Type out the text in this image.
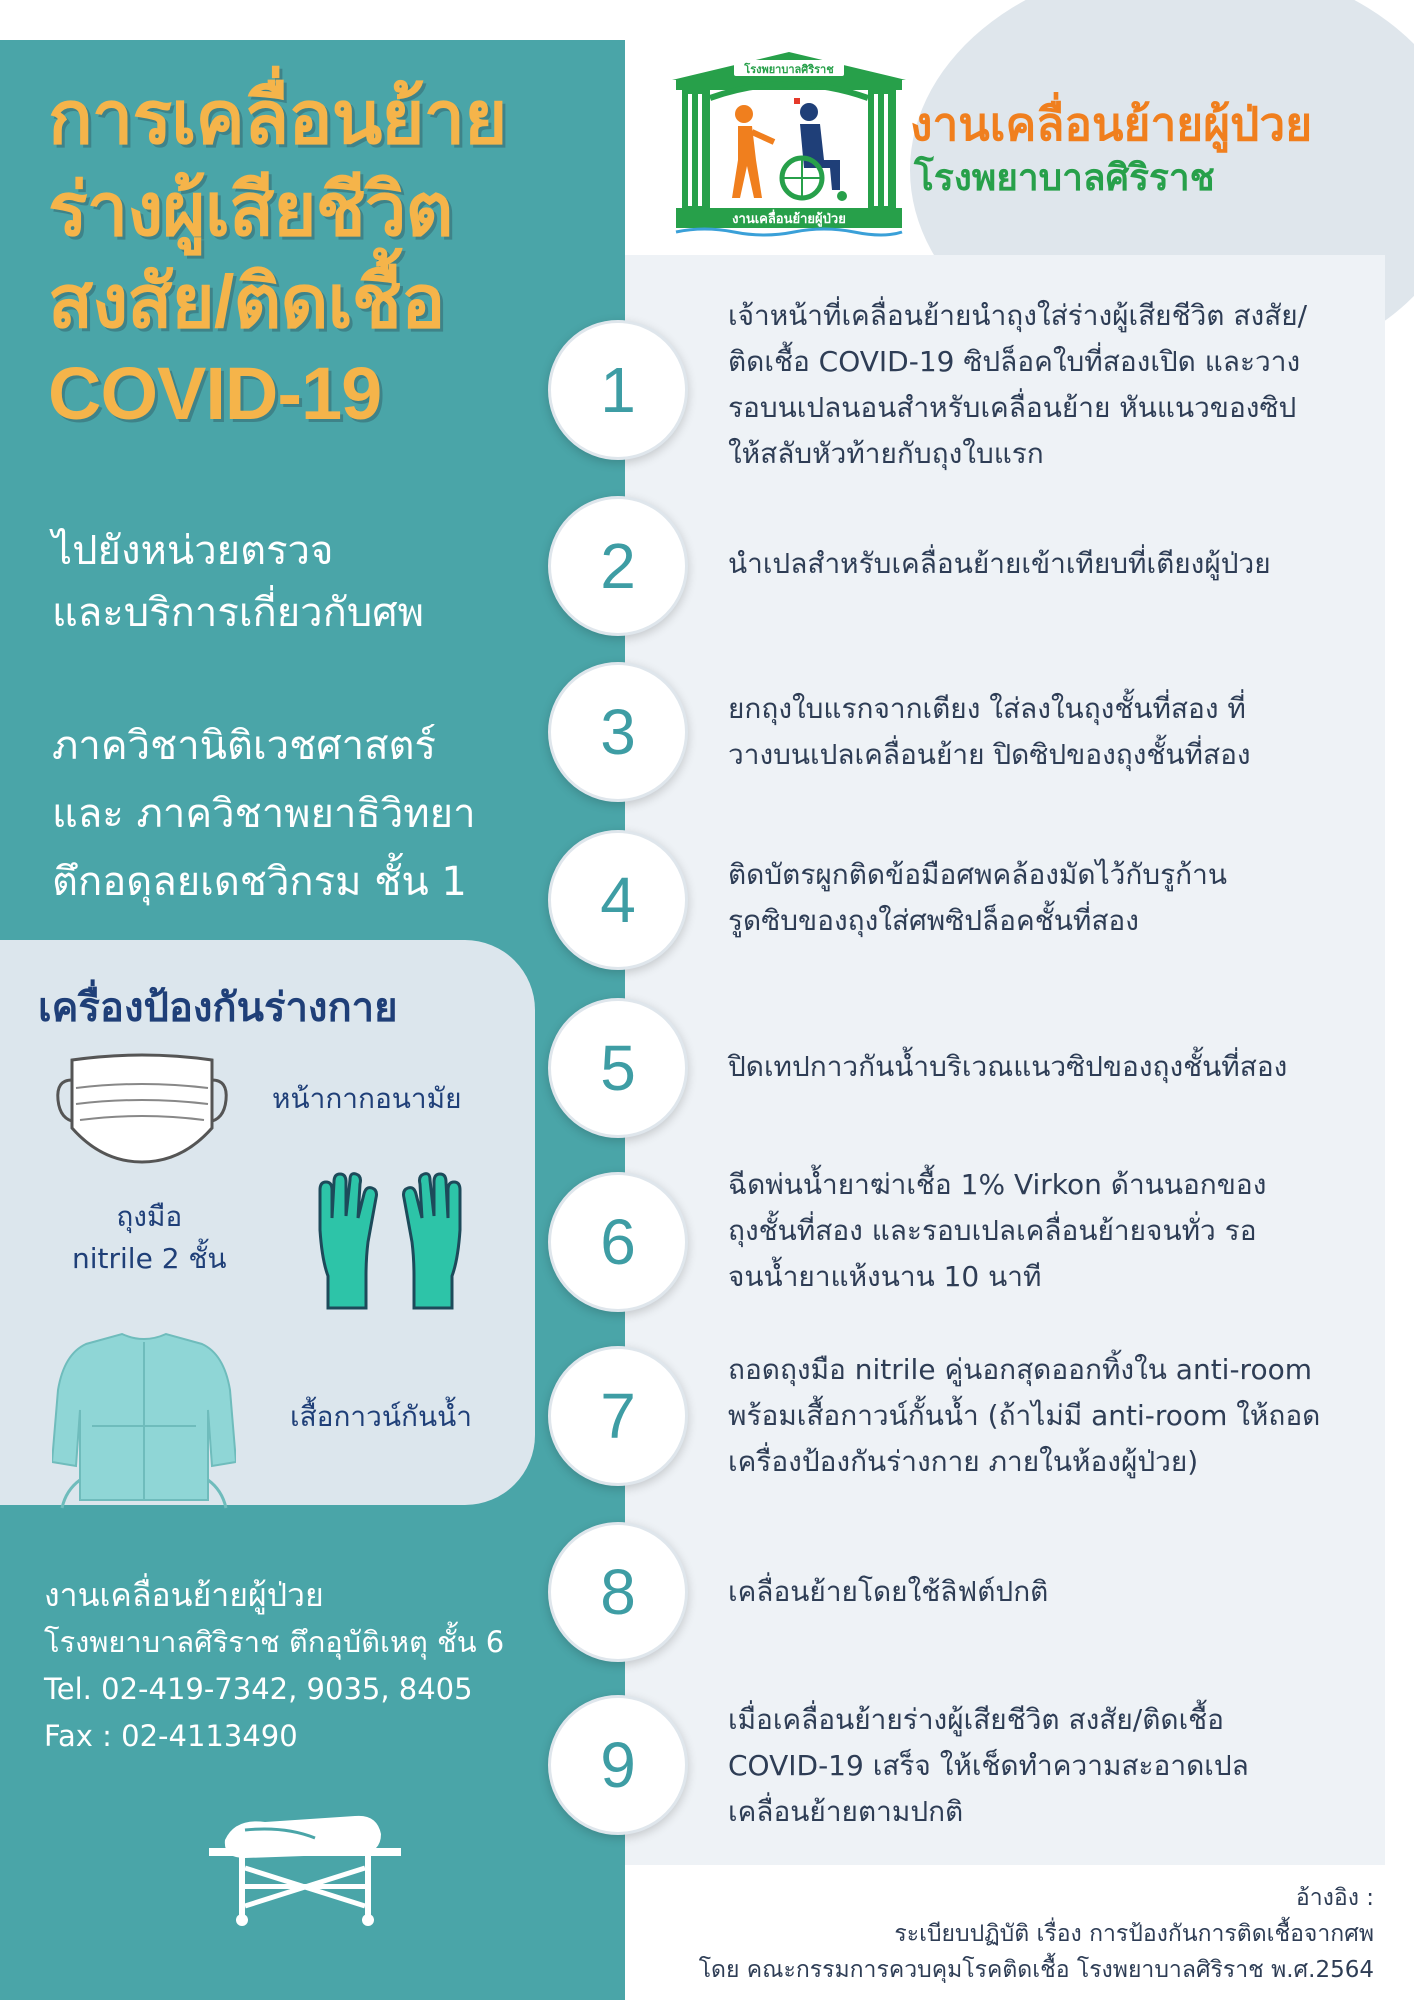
โรงพยาบาลศิริราช
งานเคลื่อนย้ายผู้ป่วย
งานเคลื่อนย้ายผู้ป่วย
โรงพยาบาลศิริราช
การเคลื่อนย้าย
ร่างผู้เสียชีวิต
สงสัย/ติดเชื้อ
COVID-19
ไปยังหน่วยตรวจ
และบริการเกี่ยวกับศพ
ภาควิชานิติเวชศาสตร์
และ ภาควิชาพยาธิวิทยา
ตึกอดุลยเดชวิกรม ชั้น 1
เครื่องป้องกันร่างกาย
หน้ากากอนามัย
ถุงมือ
nitrile 2 ชั้น
เสื้อกาวน์กันน้ำ
งานเคลื่อนย้ายผู้ป่วย
โรงพยาบาลศิริราช ตึกอุบัติเหตุ ชั้น 6
Tel. 02-419-7342, 9035, 8405
Fax : 02-4113490
1
เจ้าหน้าที่เคลื่อนย้ายนำถุงใส่ร่างผู้เสียชีวิต สงสัย/
ติดเชื้อ COVID-19 ซิปล็อคใบที่สองเปิด และวาง
รอบนเปลนอนสำหรับเคลื่อนย้าย หันแนวของซิป
ให้สลับหัวท้ายกับถุงใบแรก
2	นำเปลสำหรับเคลื่อนย้ายเข้าเทียบที่เตียงผู้ป่วย
3	ยกถุงใบแรกจากเตียง ใส่ลงในถุงชั้นที่สอง ที่
วางบนเปลเคลื่อนย้าย ปิดซิปของถุงชั้นที่สอง
4	ติดบัตรผูกติดข้อมือศพคล้องมัดไว้กับรูก้าน
รูดซิบของถุงใส่ศพซิปล็อคชั้นที่สอง
5	ปิดเทปกาวกันน้ำบริเวณแนวซิปของถุงชั้นที่สอง
6
ฉีดพ่นน้ำยาฆ่าเชื้อ 1% Virkon ด้านนอกของ
ถุงชั้นที่สอง และรอบเปลเคลื่อนย้ายจนทั่ว รอ
จนน้ำยาแห้งนาน 10 นาที
7
ถอดถุงมือ nitrile คู่นอกสุดออกทิ้งใน anti-room
พร้อมเสื้อกาวน์กั้นน้ำ (ถ้าไม่มี anti-room ให้ถอด
เครื่องป้องกันร่างกาย ภายในห้องผู้ป่วย)
8	เคลื่อนย้ายโดยใช้ลิฟต์ปกติ
9
เมื่อเคลื่อนย้ายร่างผู้เสียชีวิต สงสัย/ติดเชื้อ
COVID-19 เสร็จ ให้เช็ดทำความสะอาดเปล
เคลื่อนย้ายตามปกติ
อ้างอิง :
ระเบียบปฏิบัติ เรื่อง การป้องกันการติดเชื้อจากศพ
โดย คณะกรรมการควบคุมโรคติดเชื้อ โรงพยาบาลศิริราช พ.ศ.2564
